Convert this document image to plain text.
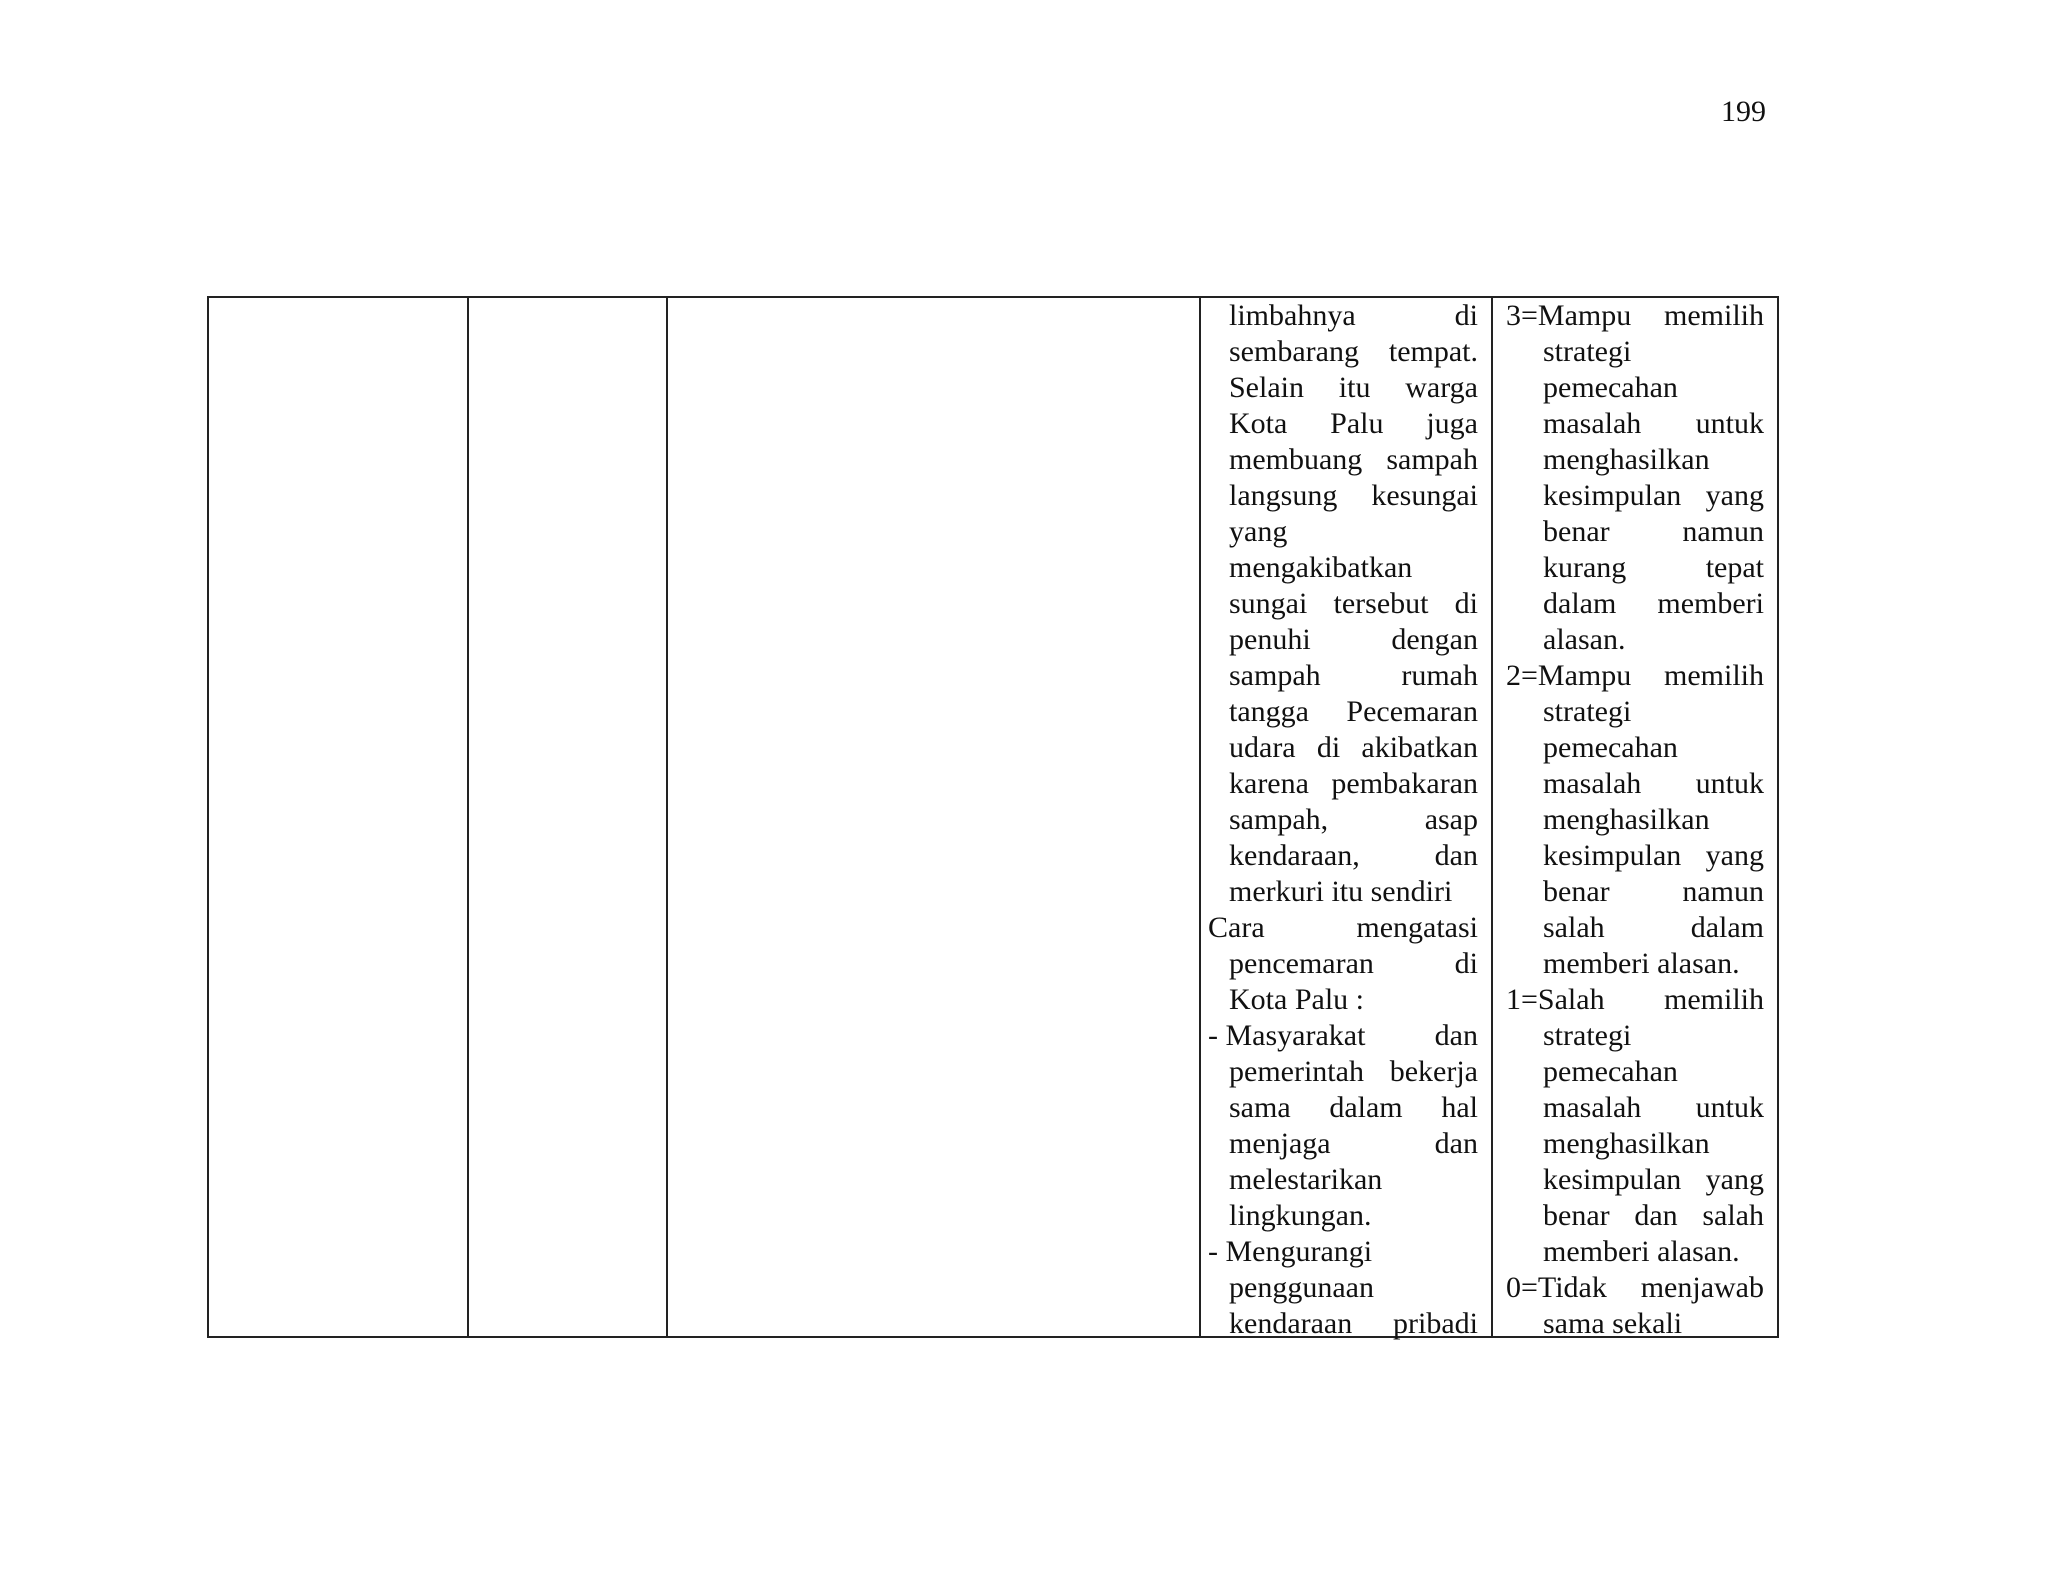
199
limbahnya	di
sembarang tempat.
Selain itu warga
Kota Palu juga
membuang sampah
langsung kesungai
yang
mengakibatkan
sungai tersebut di
penuhi	dengan
sampah	rumah
tangga Pecemaran
udara di akibatkan
karena pembakaran
sampah,	asap
kendaraan, dan
merkuri itu sendiri
Cara	mengatasi
pencemaran	di
Kota Palu :
- Masyarakat dan
pemerintah bekerja
sama dalam hal
menjaga	dan
melestarikan
lingkungan.
- Mengurangi
penggunaan
kendaraan pribadi
3=Mampu memilih
strategi
pemecahan
masalah untuk
menghasilkan
kesimpulan yang
benar namun
kurang	tepat
dalam memberi
alasan.
2=Mampu memilih
strategi
pemecahan
masalah untuk
menghasilkan
kesimpulan yang
benar namun
salah	dalam
memberi alasan.
1=Salah memilih
strategi
pemecahan
masalah untuk
menghasilkan
kesimpulan yang
benar dan salah
memberi alasan.
0=Tidak menjawab
sama sekali
